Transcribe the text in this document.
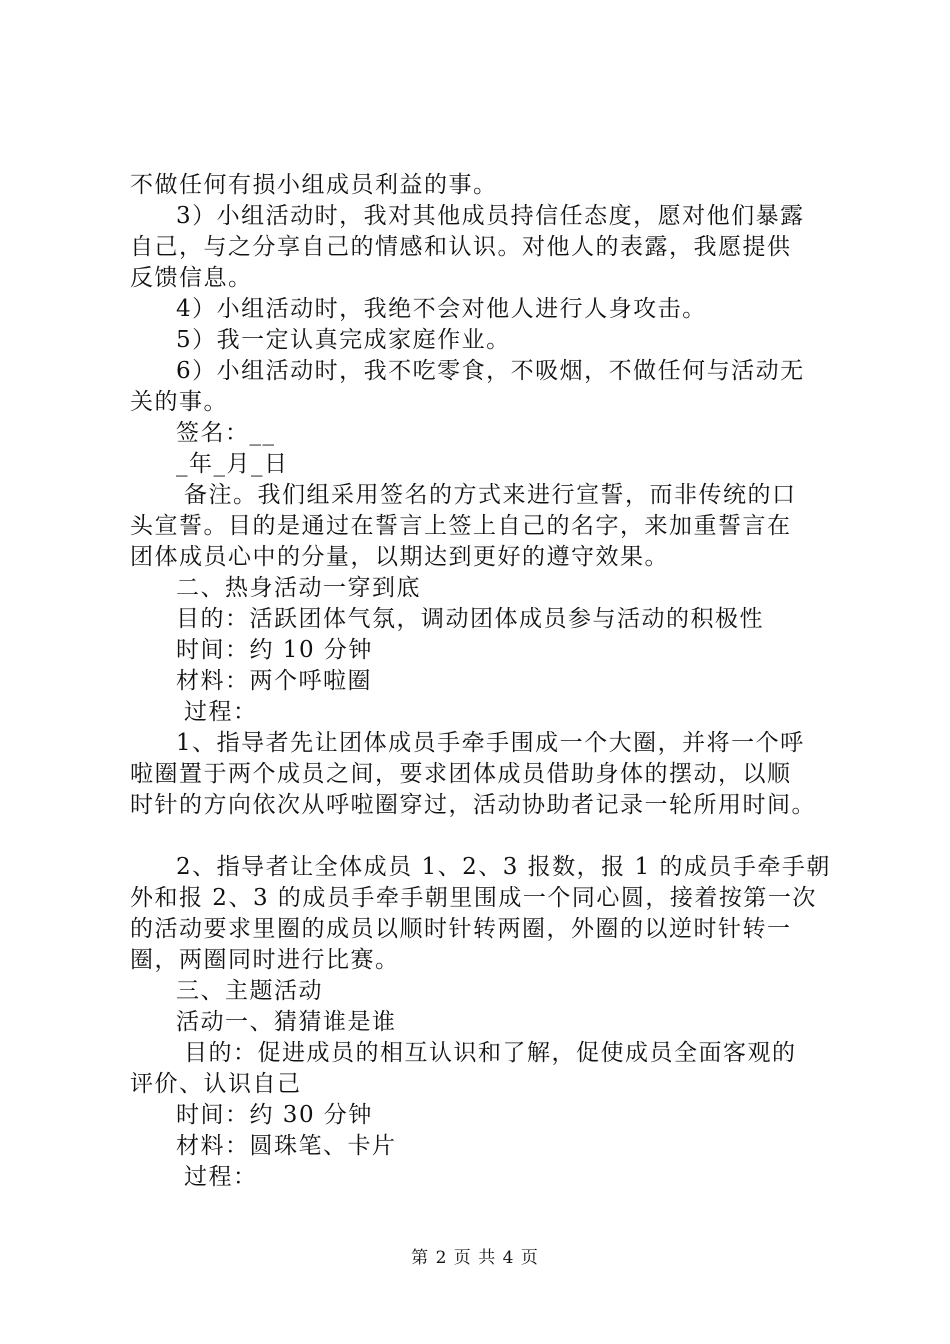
不做任何有损小组成员利益的事。
3）小组活动时，我对其他成员持信任态度，愿对他们暴露
自己，与之分享自己的情感和认识。对他人的表露，我愿提供
反馈信息。
4）小组活动时，我绝不会对他人进行人身攻击。
5）我一定认真完成家庭作业。
6）小组活动时，我不吃零食，不吸烟，不做任何与活动无
关的事。
签名：__
_年_月_日
备注。我们组采用签名的方式来进行宣誓，而非传统的口
头宣誓。目的是通过在誓言上签上自己的名字，来加重誓言在
团体成员心中的分量，以期达到更好的遵守效果。
二、热身活动一穿到底
目的：活跃团体气氛，调动团体成员参与活动的积极性
时间：约 10 分钟
材料：两个呼啦圈
过程：
1、指导者先让团体成员手牵手围成一个大圈，并将一个呼
啦圈置于两个成员之间，要求团体成员借助身体的摆动，以顺
时针的方向依次从呼啦圈穿过，活动协助者记录一轮所用时间。
2、指导者让全体成员 1、2、3 报数，报 1 的成员手牵手朝
外和报 2、3 的成员手牵手朝里围成一个同心圆，接着按第一次
的活动要求里圈的成员以顺时针转两圈，外圈的以逆时针转一
圈，两圈同时进行比赛。
三、主题活动
活动一、猜猜谁是谁
目的：促进成员的相互认识和了解，促使成员全面客观的
评价、认识自己
时间：约 30 分钟
材料：圆珠笔、卡片
过程：
第 2 页 共 4 页
